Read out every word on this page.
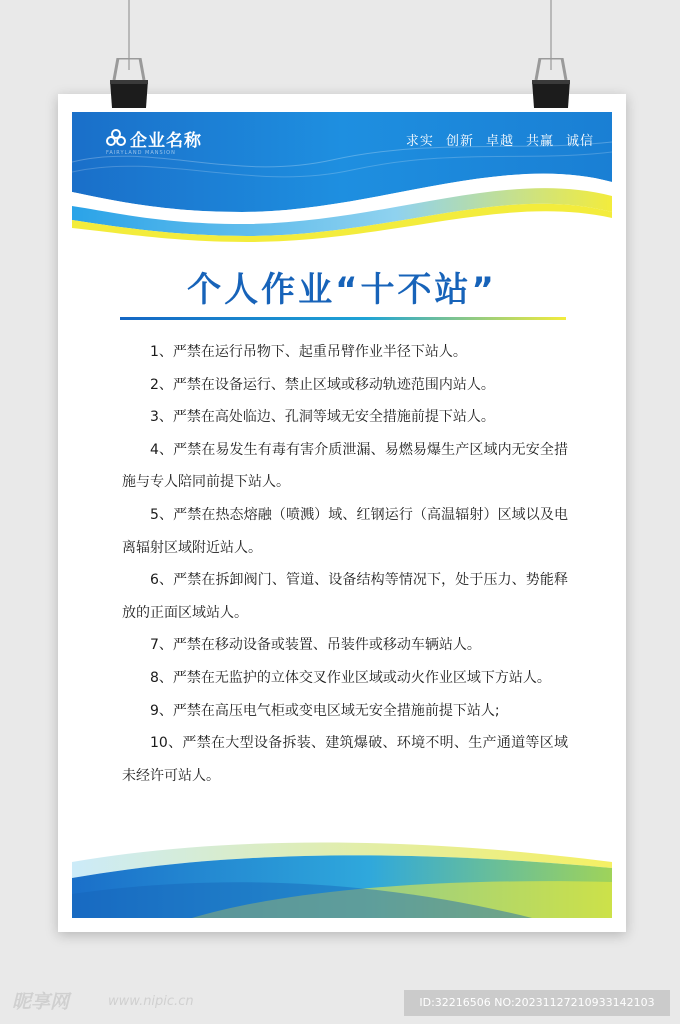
企业名称
FAIRYLAND MANSION
求实 创新 卓越 共赢 诚信
个人作业“十不站”
1、严禁在运行吊物下、起重吊臂作业半径下站人。
2、严禁在设备运行、禁止区域或移动轨迹范围内站人。
3、严禁在高处临边、孔洞等域无安全措施前提下站人。
4、严禁在易发生有毒有害介质泄漏、易燃易爆生产区域内无安全措施与专人陪同前提下站人。
5、严禁在热态熔融（喷溅）域、红钢运行（高温辐射）区域以及电离辐射区域附近站人。
6、严禁在拆卸阀门、管道、设备结构等情况下，处于压力、势能释放的正面区域站人。
7、严禁在移动设备或装置、吊装件或移动车辆站人。
8、严禁在无监护的立体交叉作业区域或动火作业区域下方站人。
9、严禁在高压电气柜或变电区域无安全措施前提下站人;
10、严禁在大型设备拆装、建筑爆破、环境不明、生产通道等区域未经许可站人。
昵享网	www.nipic.cn	ID:32216506 NO:20231127210933142103
